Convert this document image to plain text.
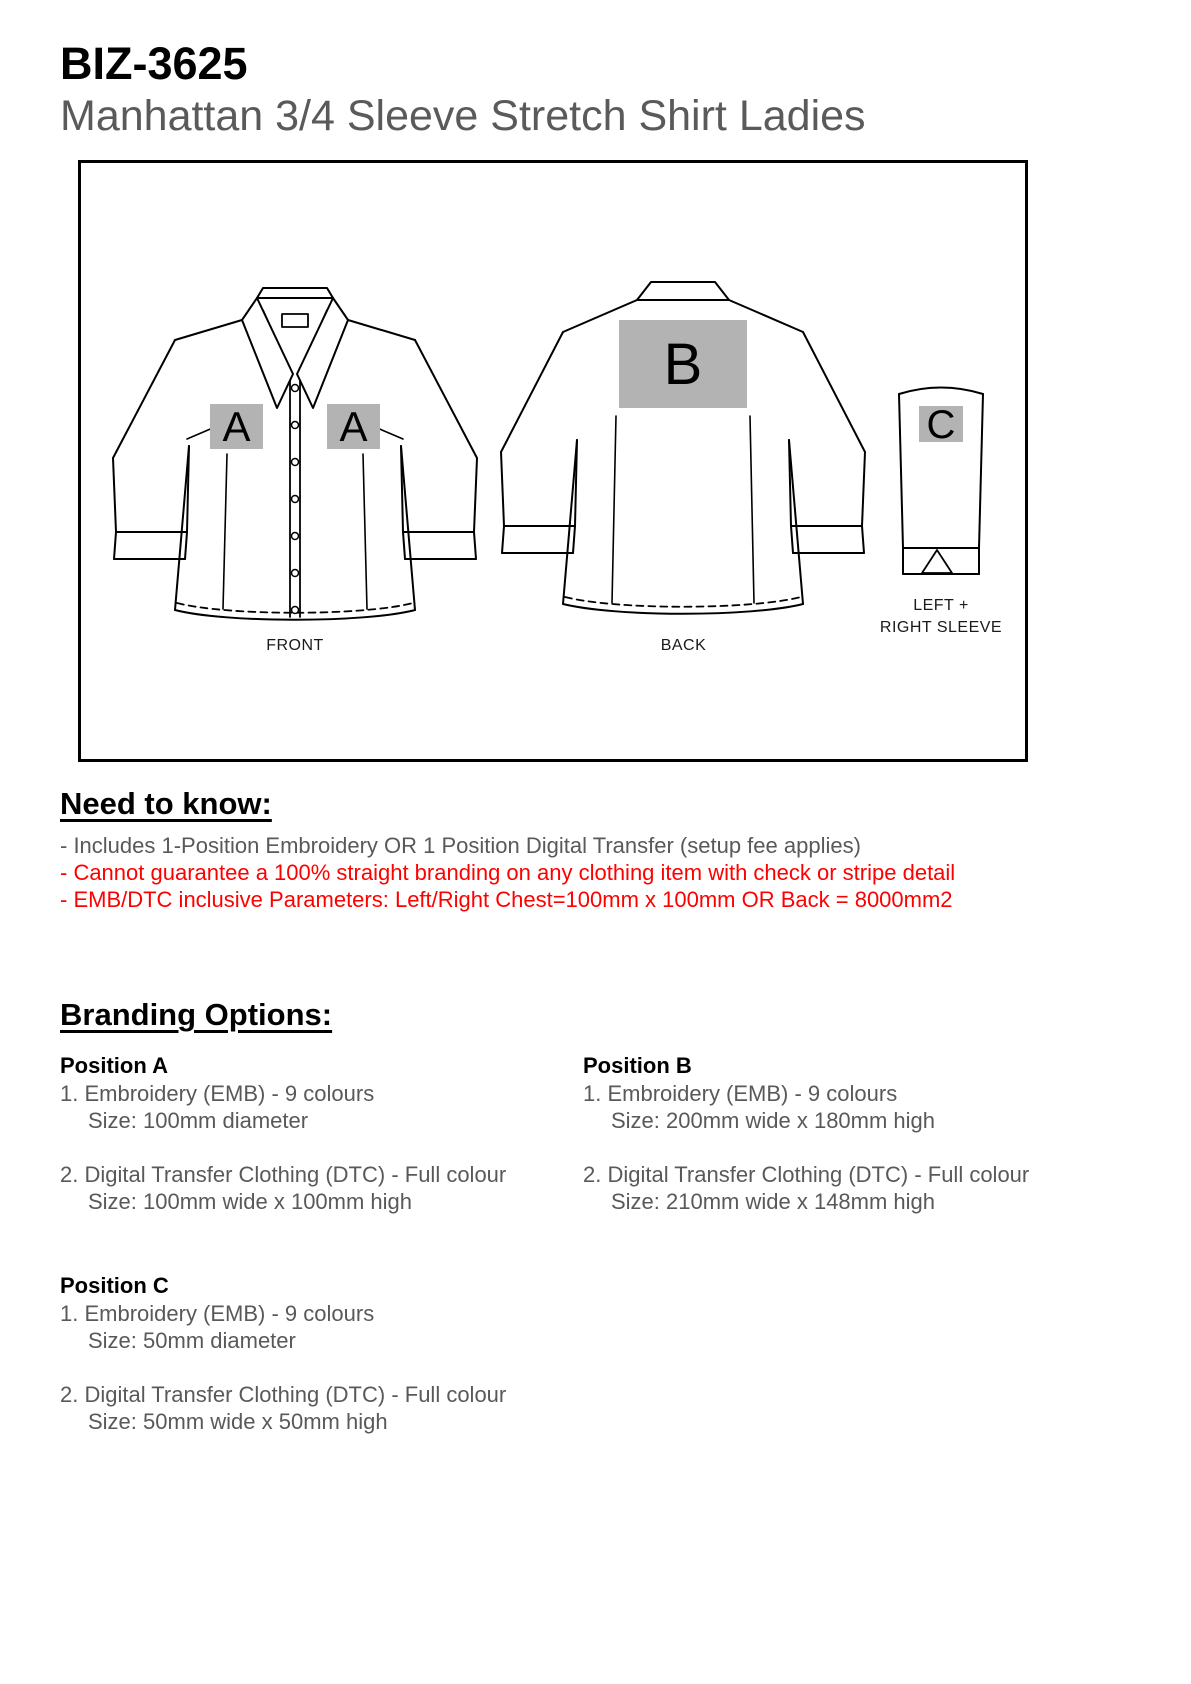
BIZ-3625
Manhattan 3/4 Sleeve Stretch Shirt Ladies
A A
FRONT
B
BACK
C
LEFT +
RIGHT SLEEVE
Need to know:
- Includes 1-Position Embroidery OR 1 Position Digital Transfer (setup fee applies)
- Cannot guarantee a 100% straight branding on any clothing item with check or stripe detail
- EMB/DTC inclusive Parameters: Left/Right Chest=100mm x 100mm OR Back = 8000mm2
Branding Options:
Position A
1. Embroidery (EMB) - 9 colours
Size: 100mm diameter
2. Digital Transfer Clothing (DTC) - Full colour
Size: 100mm wide x 100mm high
Position B
1. Embroidery (EMB) - 9 colours
Size: 200mm wide x 180mm high
2. Digital Transfer Clothing (DTC) - Full colour
Size: 210mm wide x 148mm high
Position C
1. Embroidery (EMB) - 9 colours
Size: 50mm diameter
2. Digital Transfer Clothing (DTC) - Full colour
Size: 50mm wide x 50mm high
